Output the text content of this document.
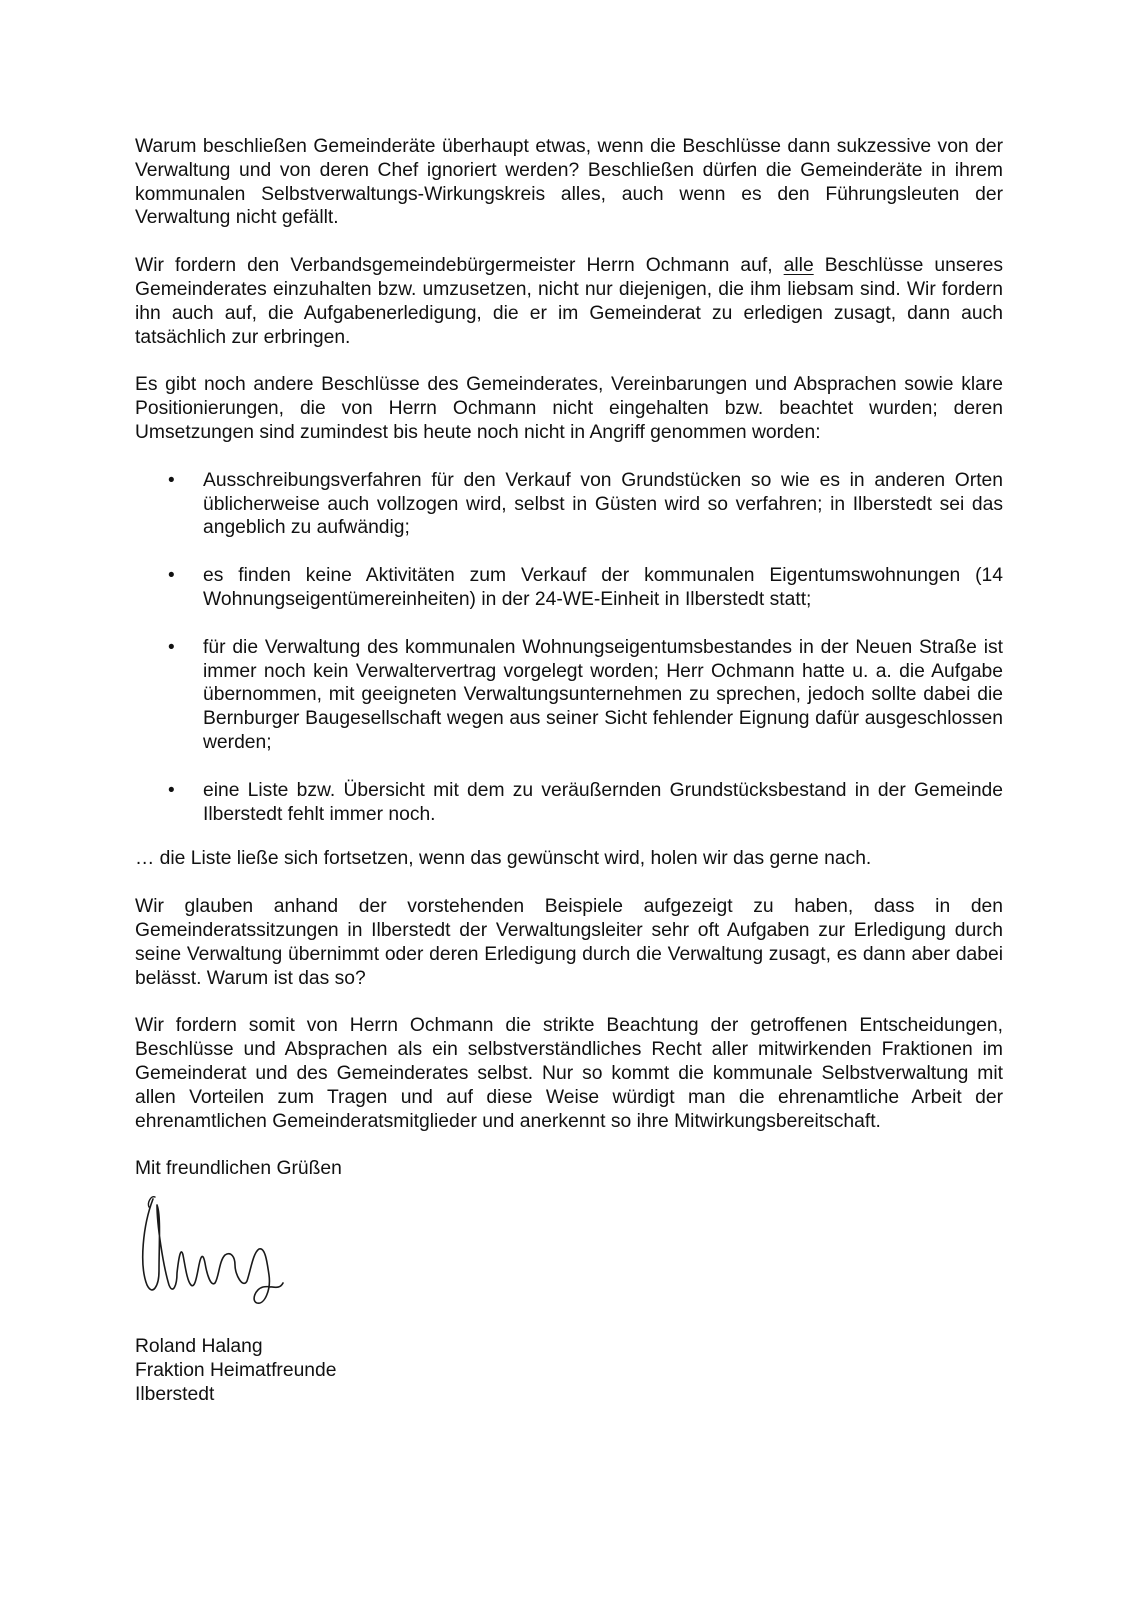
Warum beschließen Gemeinderäte überhaupt etwas, wenn die Beschlüsse dann sukzessive von der Verwaltung und von deren Chef ignoriert werden? Beschließen dürfen die Gemeinderäte in ihrem kommunalen Selbstverwaltungs-Wirkungskreis alles, auch wenn es den Führungsleuten der Verwaltung nicht gefällt.

Wir fordern den Verbandsgemeindebürgermeister Herrn Ochmann auf, alle Beschlüsse unseres Gemeinderates einzuhalten bzw. umzusetzen, nicht nur diejenigen, die ihm liebsam sind. Wir fordern ihn auch auf, die Aufgabenerledigung, die er im Gemeinderat zu erledigen zusagt, dann auch tatsächlich zur erbringen.

Es gibt noch andere Beschlüsse des Gemeinderates, Vereinbarungen und Absprachen sowie klare Positionierungen, die von Herrn Ochmann nicht eingehalten bzw. beachtet wurden; deren Umsetzungen sind zumindest bis heute noch nicht in Angriff genommen worden:

• Ausschreibungsverfahren für den Verkauf von Grundstücken so wie es in anderen Orten üblicherweise auch vollzogen wird, selbst in Güsten wird so verfahren; in Ilberstedt sei das angeblich zu aufwändig;
• es finden keine Aktivitäten zum Verkauf der kommunalen Eigentumswohnungen (14 Wohnungseigentümereinheiten) in der 24-WE-Einheit in Ilberstedt statt;
• für die Verwaltung des kommunalen Wohnungseigentumsbestandes in der Neuen Straße ist immer noch kein Verwaltervertrag vorgelegt worden; Herr Ochmann hatte u. a. die Aufgabe übernommen, mit geeigneten Verwaltungsunternehmen zu sprechen, jedoch sollte dabei die Bernburger Baugesellschaft wegen aus seiner Sicht fehlender Eignung dafür ausgeschlossen werden;
• eine Liste bzw. Übersicht mit dem zu veräußernden Grundstücksbestand in der Gemeinde Ilberstedt fehlt immer noch.

… die Liste ließe sich fortsetzen, wenn das gewünscht wird, holen wir das gerne nach.

Wir glauben anhand der vorstehenden Beispiele aufgezeigt zu haben, dass in den Gemeinderatssitzungen in Ilberstedt der Verwaltungsleiter sehr oft Aufgaben zur Erledigung durch seine Verwaltung übernimmt oder deren Erledigung durch die Verwaltung zusagt, es dann aber dabei belässt. Warum ist das so?

Wir fordern somit von Herrn Ochmann die strikte Beachtung der getroffenen Entscheidungen, Beschlüsse und Absprachen als ein selbstverständliches Recht aller mitwirkenden Fraktionen im Gemeinderat und des Gemeinderates selbst. Nur so kommt die kommunale Selbstverwaltung mit allen Vorteilen zum Tragen und auf diese Weise würdigt man die ehrenamtliche Arbeit der ehrenamtlichen Gemeinderatsmitglieder und anerkennt so ihre Mitwirkungsbereitschaft.

Mit freundlichen Grüßen

Roland Halang
Fraktion Heimatfreunde
Ilberstedt
